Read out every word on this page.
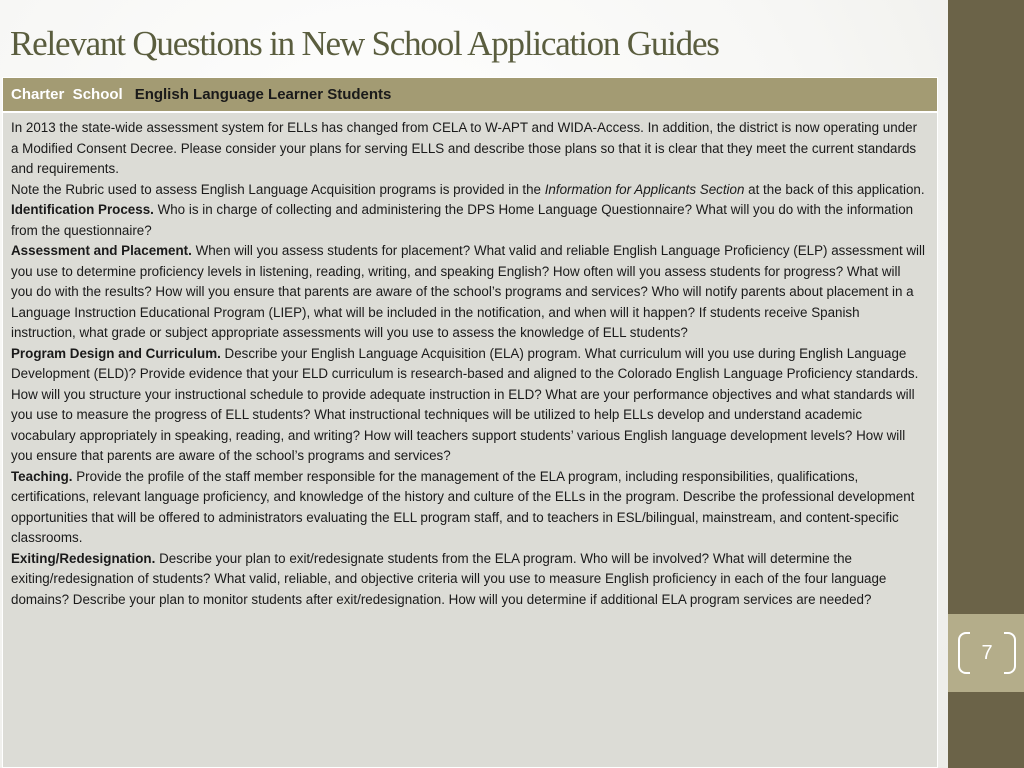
7
Relevant Questions in New School Application Guides
Charter  School English Language Learner Students

In 2013 the state-wide assessment system for ELLs has changed from CELA to W-APT and WIDA-Access. In addition, the district is now operating under a Modified Consent Decree. Please consider your plans for serving ELLS and describe those plans so that it is clear that they meet the current standards and requirements.

Note the Rubric used to assess English Language Acquisition programs is provided in the Information for Applicants Section at the back of this application.

Identification Process. Who is in charge of collecting and administering the DPS Home Language Questionnaire? What will you do with the information from the questionnaire?

Assessment and Placement. When will you assess students for placement? What valid and reliable English Language Proficiency (ELP) assessment will you use to determine proficiency levels in listening, reading, writing, and speaking English? How often will you assess students for progress? What will you do with the results? How will you ensure that parents are aware of the school’s programs and services? Who will notify parents about placement in a Language Instruction Educational Program (LIEP), what will be included in the notification, and when will it happen? If students receive Spanish instruction, what grade or subject appropriate assessments will you use to assess the knowledge of ELL students?

Program Design and Curriculum. Describe your English Language Acquisition (ELA) program. What curriculum will you use during English Language Development (ELD)? Provide evidence that your ELD curriculum is research-based and aligned to the Colorado English Language Proficiency standards. How will you structure your instructional schedule to provide adequate instruction in ELD? What are your performance objectives and what standards will you use to measure the progress of ELL students? What instructional techniques will be utilized to help ELLs develop and understand academic vocabulary appropriately in speaking, reading, and writing? How will teachers support students’ various English language development levels? How will you ensure that parents are aware of the school’s programs and services?

Teaching. Provide the profile of the staff member responsible for the management of the ELA program, including responsibilities, qualifications, certifications, relevant language proficiency, and knowledge of the history and culture of the ELLs in the program. Describe the professional development opportunities that will be offered to administrators evaluating the ELL program staff, and to teachers in ESL/bilingual, mainstream, and content-specific classrooms.

Exiting/Redesignation. Describe your plan to exit/redesignate students from the ELA program. Who will be involved? What will determine the exiting/redesignation of students? What valid, reliable, and objective criteria will you use to measure English proficiency in each of the four language domains? Describe your plan to monitor students after exit/redesignation. How will you determine if additional ELA program services are needed?
